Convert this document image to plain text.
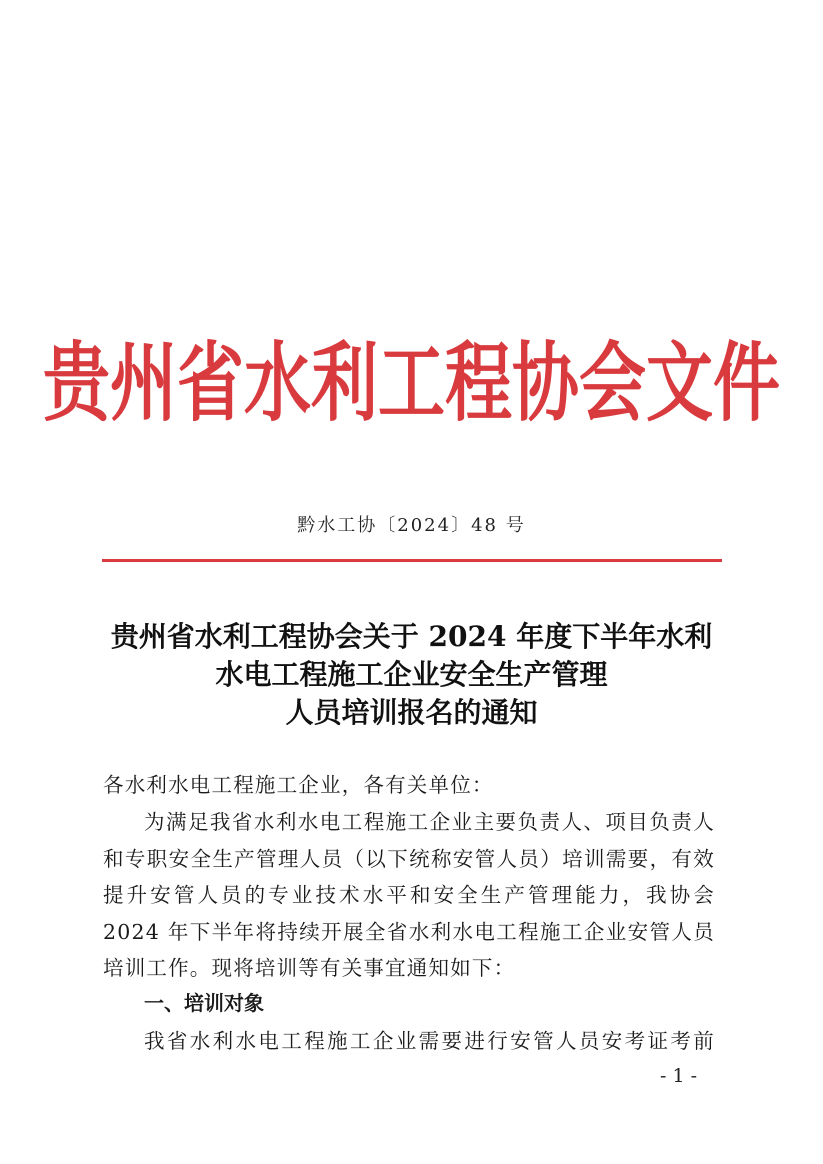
贵州省水利工程协会文件
黔水工协〔2024〕48 号
贵州省水利工程协会关于 2024 年度下半年水利
水电工程施工企业安全生产管理
人员培训报名的通知
各水利水电工程施工企业，各有关单位：
为满足我省水利水电工程施工企业主要负责人、项目负责人
和专职安全生产管理人员（以下统称安管人员）培训需要，有效
提升安管人员的专业技术水平和安全生产管理能力，我协会
2024 年下半年将持续开展全省水利水电工程施工企业安管人员
培训工作。现将培训等有关事宜通知如下：
一、培训对象
我省水利水电工程施工企业需要进行安管人员安考证考前
- 1 -
